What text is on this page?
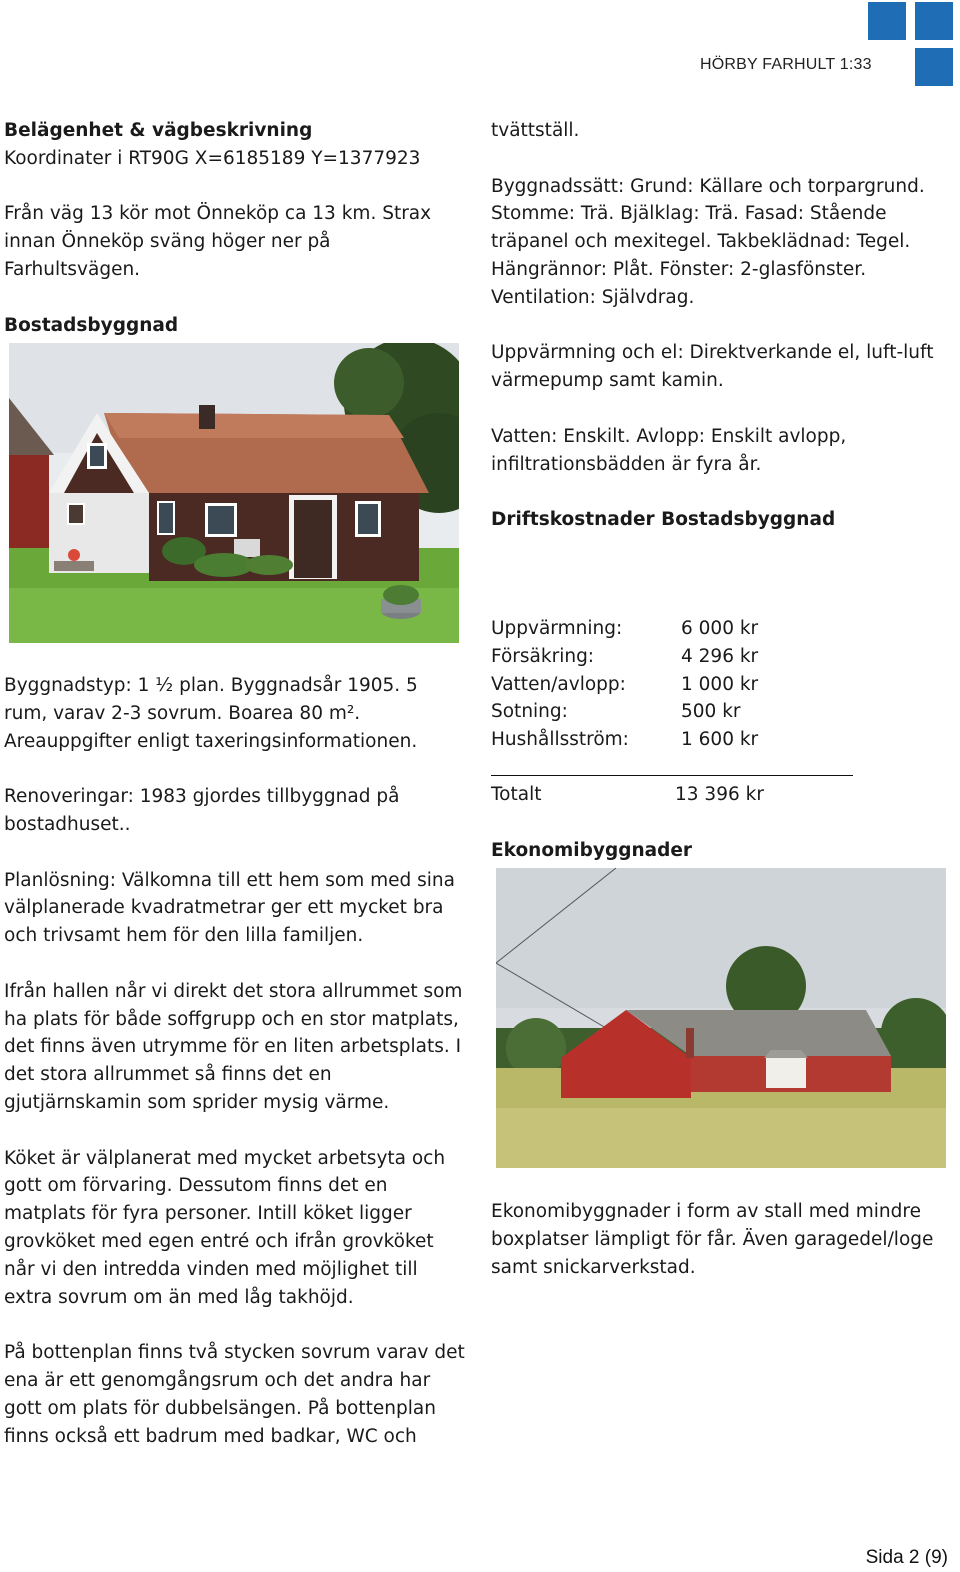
HÖRBY FARHULT 1:33
Belägenhet & vägbeskrivning

Koordinater i RT90G X=6185189 Y=1377923

Från väg 13 kör mot Önneköp ca 13 km. Strax
innan Önneköp sväng höger ner på
Farhultsvägen.

Bostadsbyggnad

Byggnadstyp: 1 ½ plan. Byggnadsår 1905. 5
rum, varav 2-3 sovrum. Boarea 80 m².
Areauppgifter enligt taxeringsinformationen.

Renoveringar: 1983 gjordes tillbyggnad på
bostadhuset..

Planlösning: Välkomna till ett hem som med sina
välplanerade kvadratmetrar ger ett mycket bra
och trivsamt hem för den lilla familjen.

Ifrån hallen når vi direkt det stora allrummet som
ha plats för både soffgrupp och en stor matplats,
det finns även utrymme för en liten arbetsplats. I
det stora allrummet så finns det en
gjutjärnskamin som sprider mysig värme.

Köket är välplanerat med mycket arbetsyta och
gott om förvaring. Dessutom finns det en
matplats för fyra personer. Intill köket ligger
grovköket med egen entré och ifrån grovköket
når vi den intredda vinden med möjlighet till
extra sovrum om än med låg takhöjd.

På bottenplan finns två stycken sovrum varav det
ena är ett genomgångsrum och det andra har
gott om plats för dubbelsängen. På bottenplan
finns också ett badrum med badkar, WC och

tvättställ.

Byggnadssätt: Grund: Källare och torpargrund.
Stomme: Trä. Bjälklag: Trä. Fasad: Stående
träpanel och mexitegel. Takbeklädnad: Tegel.
Hängrännor: Plåt. Fönster: 2-glasfönster.
Ventilation: Självdrag.

Uppvärmning och el: Direktverkande el, luft-luft
värmepump samt kamin.

Vatten: Enskilt. Avlopp: Enskilt avlopp,
infiltrationsbädden är fyra år.

Driftskostnader Bostadsbyggnad
Uppvärmning:	6 000 kr
Försäkring:	4 296 kr
Vatten/avlopp:	1 000 kr
Sotning:	500 kr
Hushållsström:	1 600 kr
Totalt	13 396 kr
Ekonomibyggnader

Ekonomibyggnader i form av stall med mindre
boxplatser lämpligt för får. Även garagedel/loge
samt snickarverkstad.

Sida 2 (9)
